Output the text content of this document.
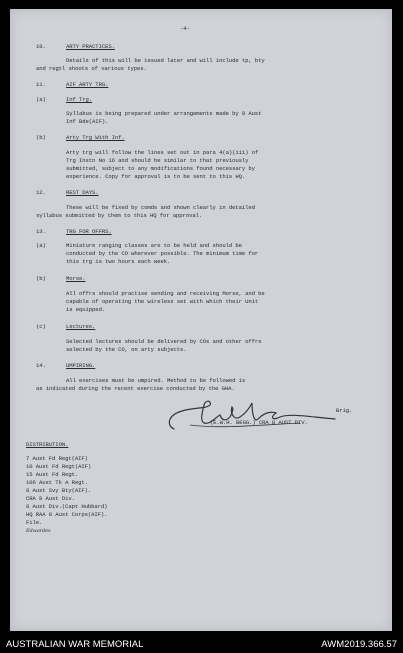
-4-
10.	ARTY PRACTICES.
Details of this will be issued later and will include tp, bty
and regtl shoots of various types.
11.	AIF ARTY TRG.
(a)	Inf Trg.
Syllabus is being prepared under arrangements made by 8 Aust
Inf Bde(AIF).
(b)	Arty Trg With Inf.
Arty trg will follow the lines set out in para 4(a)(iii) of
Trg Instn No 16 and should be similar to that previously
submitted, subject to any modifications found necessary by
experience. Copy for approval is to be sent to this HQ.
12.	REST DAYS.
These will be fixed by comds and shown clearly in detailed
syllabus submitted by them to this HQ for approval.
13.	TRG FOR OFFRS.
(a)	Miniature ranging classes are to be held and should be
conducted by the CO wherever possible. The minimum time for
this trg is two hours each week.
(b)	Morse.
All offrs should practise sending and receiving Morse, and be
capable of operating the wireless set with which their Unit
is equipped.
(c)	Lectures.
Selected lectures should be delivered by COs and other offrs
selected by the CO, on arty subjects.
14.	UMPIRING.
All exercises must be umpired. Method to be followed is
as indicated during the recent exercise conducted by the GHA.
Brig.
(E.W.H. BEGG.) CRA 8 AUST DIV.
DISTRIBUTION.
7 Aust Fd Regt(AIF)
10 Aust Fd Regt(AIF)
15 Aust Fd Regt.
106 Aust Tk A Regt.
8 Aust Svy Bty(AIF).
CRA 8 Aust Div.
8 Aust Div.(Capt Hubbard)
HQ RAA 8 Aust Corps(AIF).
File.
Edwardes
AUSTRALIAN WAR MEMORIAL	AWM2019.366.57
